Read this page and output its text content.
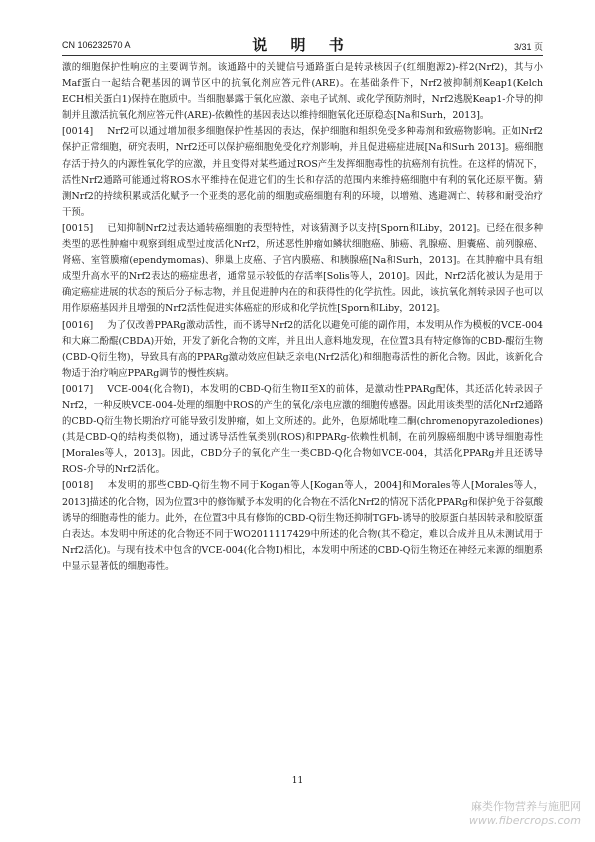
CN 106232570 A	说 明 书	3/31 页

激的细胞保护性响应的主要调节剂。该通路中的关键信号通路蛋白是转录核因子(红细胞源2)-样2(Nrf2)，其与小Maf蛋白一起结合靶基因的调节区中的抗氧化剂应答元件(ARE)。在基础条件下，Nrf2被抑制剂Keap1(Kelch ECH相关蛋白1)保持在胞质中。当细胞暴露于氧化应激、亲电子试剂、或化学预防剂时，Nrf2逃脱Keap1-介导的抑制并且激活抗氧化剂应答元件(ARE)-依赖性的基因表达以维持细胞氧化还原稳态[Na和Surh，2013]。

[0014] Nrf2可以通过增加很多细胞保护性基因的表达，保护细胞和组织免受多种毒剂和致癌物影响。正如Nrf2保护正常细胞，研究表明，Nrf2还可以保护癌细胞免受化疗剂影响，并且促进癌症进展[Na和Surh 2013]。癌细胞存活于持久的内源性氧化学的应激，并且变得对某些通过ROS产生发挥细胞毒性的抗癌剂有抗性。在这样的情况下，活性Nrf2通路可能通过将ROS水平维持在促进它们的生长和存活的范围内来维持癌细胞中有利的氧化还原平衡。猜测Nrf2的持续积累或活化赋予一个亚类的恶化前的细胞或癌细胞有利的环境，以增殖、逃避凋亡、转移和耐受治疗干预。

[0015] 已知抑制Nrf2过表达通转癌细胞的表型特性，对该猜测予以支持[Sporn和Liby，2012]。已经在很多种类型的恶性肿瘤中观察到组成型过度活化Nrf2，所述恶性肿瘤如鳞状细胞癌、肺癌、乳腺癌、胆囊癌、前列腺癌、肾癌、室管膜瘤(ependymomas)、卵巢上皮癌、子宫内膜癌、和胰腺癌[Na和Surh，2013]。在其肿瘤中具有组成型升高水平的Nrf2表达的癌症患者，通常显示较低的存活率[Solis等人，2010]。因此，Nrf2活化被认为是用于确定癌症进展的状态的预后分子标志物，并且促进肿内在的和获得性的化学抗性。因此，该抗氧化剂转录因子也可以用作原癌基因并且增强的Nrf2活性促进实体癌症的形成和化学抗性[Sporn和Liby，2012]。

[0016] 为了仅改善PPARg激动活性，而不诱导Nrf2的活化以避免可能的副作用，本发明从作为模板的VCE-004和大麻二酚醌(CBDA)开始，开发了新化合物的文库，并且出人意料地发现，在位置3具有特定修饰的CBD-醌衍生物(CBD-Q衍生物)，导致具有高的PPARg激动效应但缺乏亲电(Nrf2活化)和细胞毒活性的新化合物。因此，该新化合物适于治疗响应PPARg调节的慢性疾病。

[0017] VCE-004(化合物I)，本发明的CBD-Q衍生物II至X的前体，是激动性PPARg配体，其还活化转录因子Nrf2，一种反映VCE-004-处理的细胞中ROS的产生的氧化/亲电应激的细胞传感器。因此用该类型的活化Nrf2通路的CBD-Q衍生物长期治疗可能导致引发肿瘤，如上文所述的。此外，色原烯吡喹二酮(chromenopyrazolediones)(其是CBD-Q的结构类似物)，通过诱导活性氧类别(ROS)和PPARg-依赖性机制，在前列腺癌细胞中诱导细胞毒性[Morales等人，2013]。因此，CBD分子的氧化产生一类CBD-Q化合物如VCE-004，其活化PPARg并且还诱导ROS-介导的Nrf2活化。

[0018] 本发明的那些CBD-Q衍生物不同于Kogan等人[Kogan等人，2004]和Morales等人[Morales等人，2013]描述的化合物，因为位置3中的修饰赋予本发明的化合物在不活化Nrf2的情况下活化PPARg和保护免于谷氨酸诱导的细胞毒性的能力。此外，在位置3中具有修饰的CBD-Q衍生物还抑制TGFb-诱导的胶原蛋白基因转录和胶原蛋白表达。本发明中所述的化合物还不同于WO2011117429中所述的化合物(其不稳定，难以合成并且从未测试用于Nrf2活化)。与现有技术中包含的VCE-004(化合物I)相比，本发明中所述的CBD-Q衍生物还在神经元来源的细胞系中显示显著低的细胞毒性。

11
麻类作物营养与施肥网
www.fibercrops.com
